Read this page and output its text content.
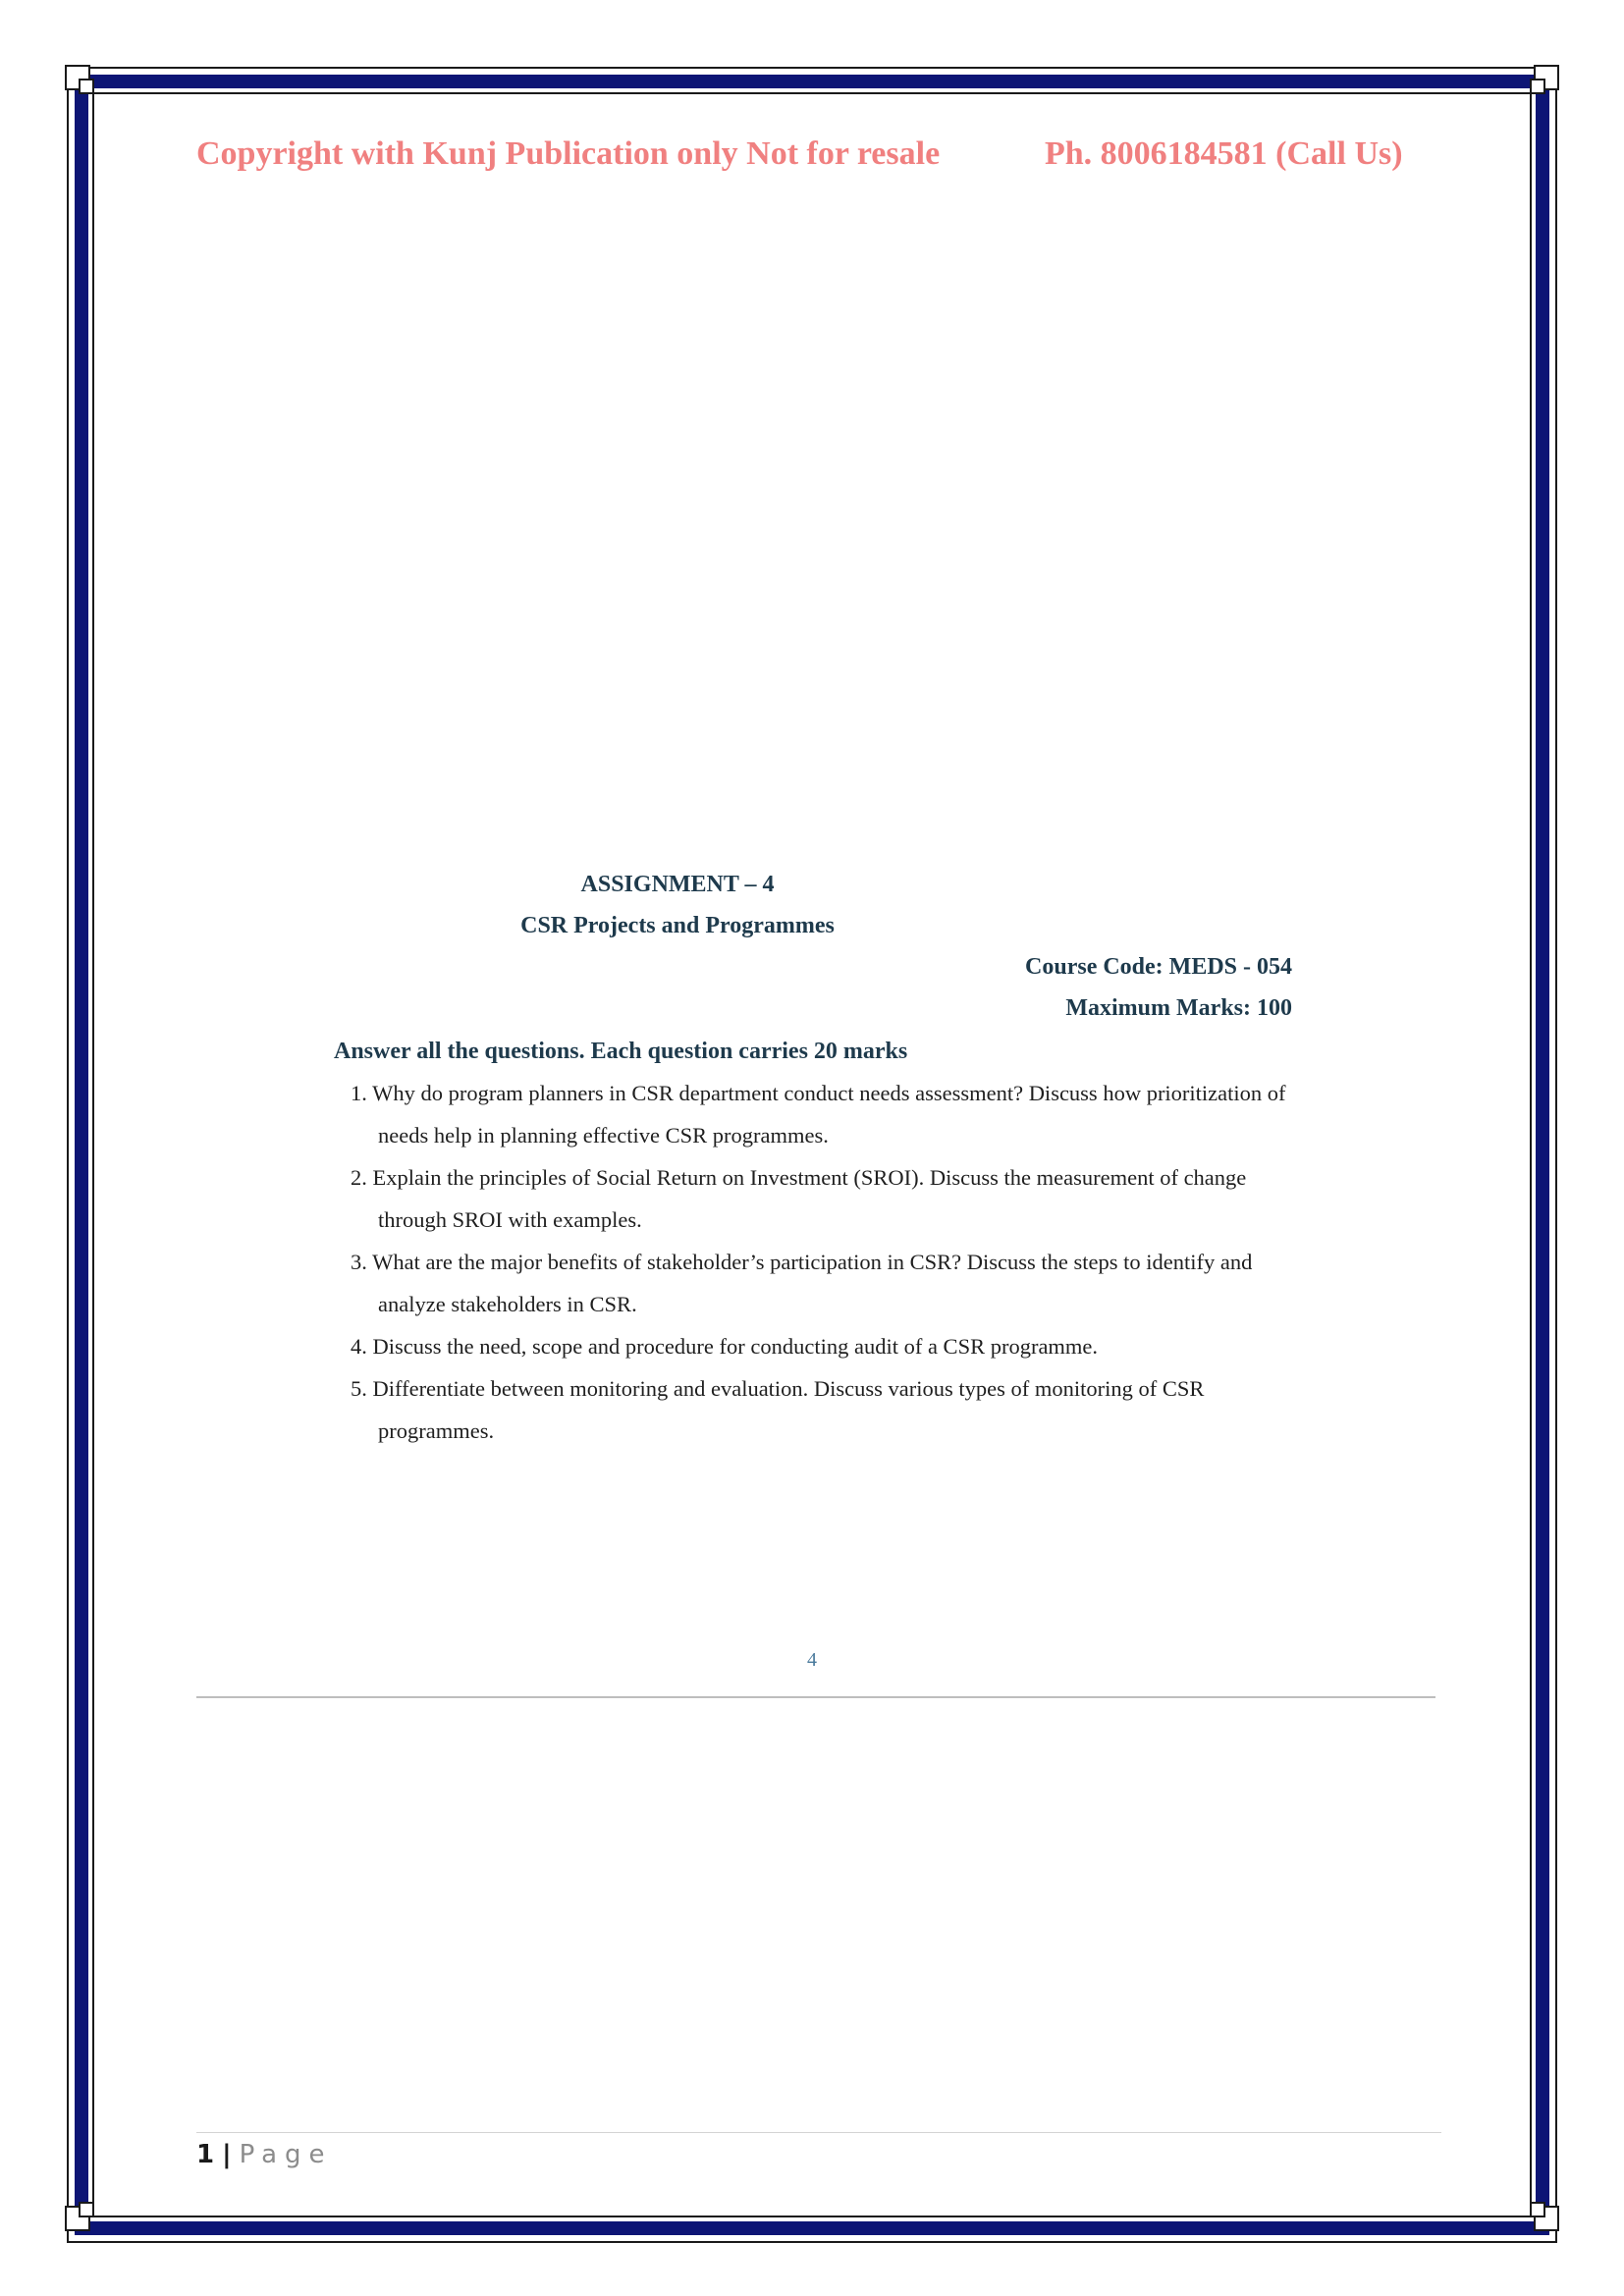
Copyright with Kunj Publication only Not for resale	Ph. 8006184581 (Call Us)
ASSIGNMENT – 4
CSR Projects and Programmes
Course Code: MEDS - 054
Maximum Marks: 100
Answer all the questions. Each question carries 20 marks
1. Why do program planners in CSR department conduct needs assessment? Discuss how prioritization of needs help in planning effective CSR programmes.
2. Explain the principles of Social Return on Investment (SROI). Discuss the measurement of change through SROI with examples.
3. What are the major benefits of stakeholder’s participation in CSR? Discuss the steps to identify and analyze stakeholders in CSR.
4. Discuss the need, scope and procedure for conducting audit of a CSR programme.
5. Differentiate between monitoring and evaluation. Discuss various types of monitoring of CSR programmes.
4
1 | Page
